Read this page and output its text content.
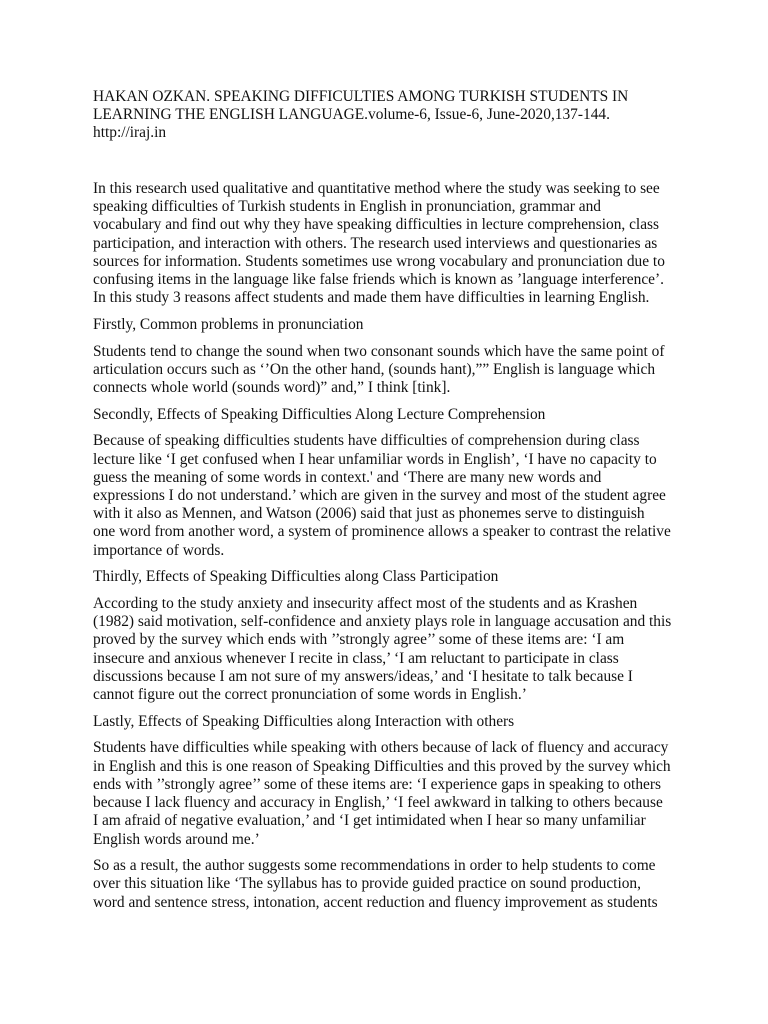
HAKAN OZKAN. SPEAKING DIFFICULTIES AMONG TURKISH STUDENTS IN
LEARNING THE ENGLISH LANGUAGE.volume-6, Issue-6, June-2020,137-144.
http://iraj.in

In this research used qualitative and quantitative method where the study was seeking to see
speaking difficulties of Turkish students in English in pronunciation, grammar and
vocabulary and find out why they have speaking difficulties in lecture comprehension, class
participation, and interaction with others. The research used interviews and questionaries as
sources for information. Students sometimes use wrong vocabulary and pronunciation due to
confusing items in the language like false friends which is known as ’language interference’.
In this study 3 reasons affect students and made them have difficulties in learning English.

Firstly, Common problems in pronunciation

Students tend to change the sound when two consonant sounds which have the same point of
articulation occurs such as ‘’On the other hand, (sounds hant),”” English is language which
connects whole world (sounds word)” and,” I think [tink].

Secondly, Effects of Speaking Difficulties Along Lecture Comprehension

Because of speaking difficulties students have difficulties of comprehension during class
lecture like ‘I get confused when I hear unfamiliar words in English’, ‘I have no capacity to
guess the meaning of some words in context.' and ‘There are many new words and
expressions I do not understand.’ which are given in the survey and most of the student agree
with it also as Mennen, and Watson (2006) said that just as phonemes serve to distinguish
one word from another word, a system of prominence allows a speaker to contrast the relative
importance of words.

Thirdly, Effects of Speaking Difficulties along Class Participation

According to the study anxiety and insecurity affect most of the students and as Krashen
(1982) said motivation, self-confidence and anxiety plays role in language accusation and this
proved by the survey which ends with ’’strongly agree’’ some of these items are: ‘I am
insecure and anxious whenever I recite in class,’ ‘I am reluctant to participate in class
discussions because I am not sure of my answers/ideas,’ and ‘I hesitate to talk because I
cannot figure out the correct pronunciation of some words in English.’

Lastly, Effects of Speaking Difficulties along Interaction with others

Students have difficulties while speaking with others because of lack of fluency and accuracy
in English and this is one reason of Speaking Difficulties and this proved by the survey which
ends with ’’strongly agree’’ some of these items are: ‘I experience gaps in speaking to others
because I lack fluency and accuracy in English,’ ‘I feel awkward in talking to others because
I am afraid of negative evaluation,’ and ‘I get intimidated when I hear so many unfamiliar
English words around me.’

So as a result, the author suggests some recommendations in order to help students to come
over this situation like ‘The syllabus has to provide guided practice on sound production,
word and sentence stress, intonation, accent reduction and fluency improvement as students
